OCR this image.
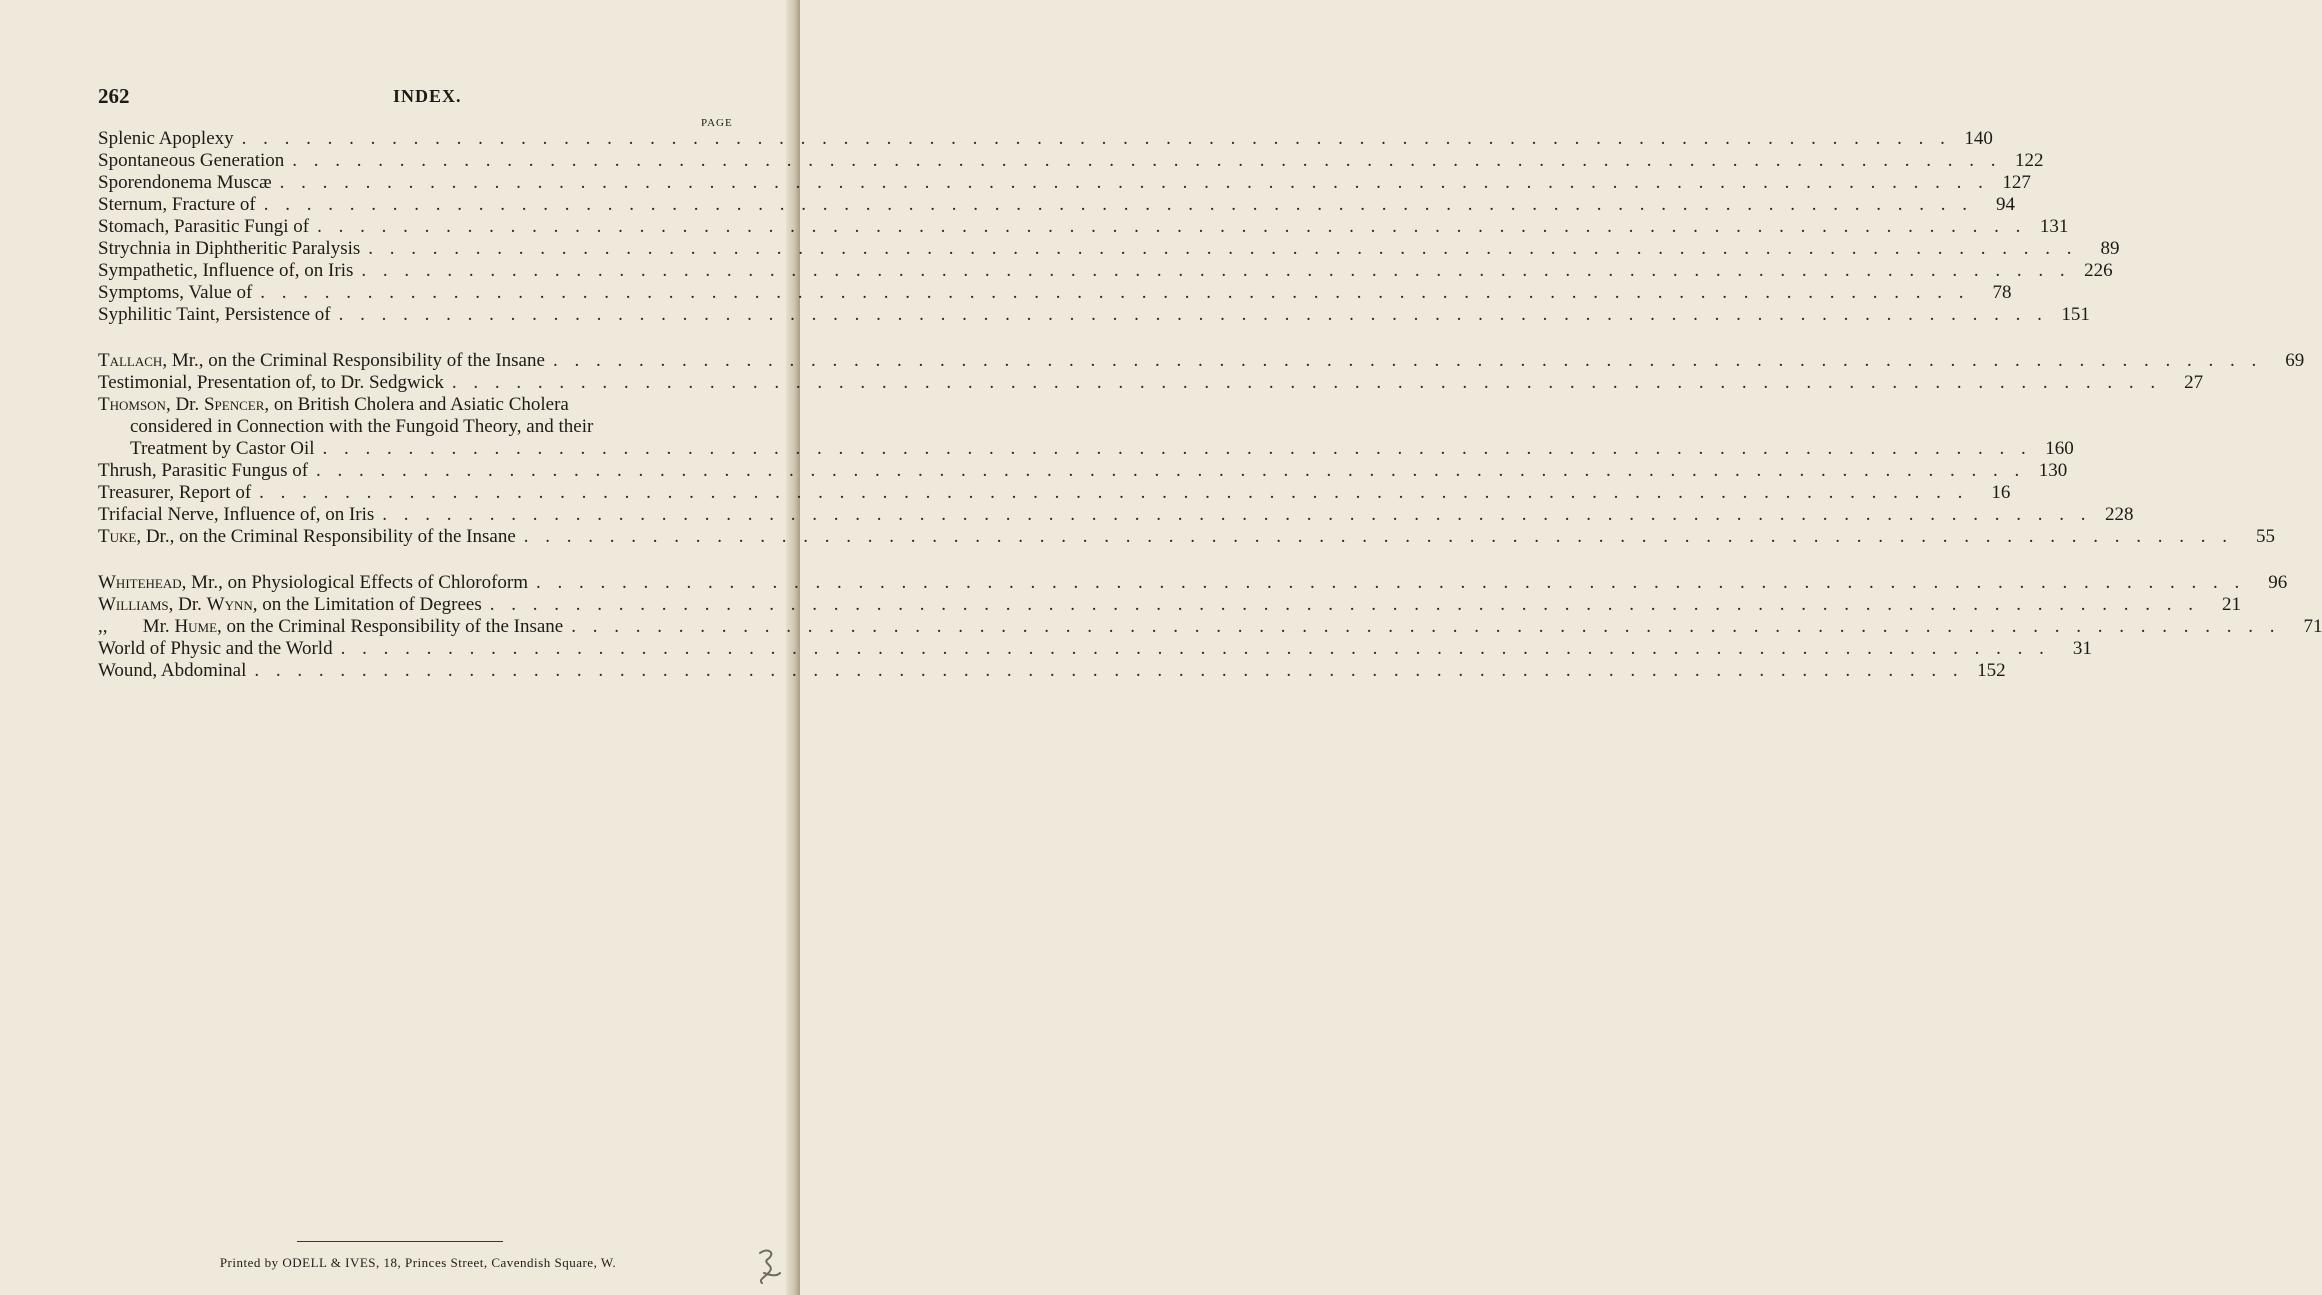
262	INDEX.
PAGE
Splenic Apoplexy . . . . . . . . . . . . . . . . . . . . . . . . . . . . . . . . . . . . . . . . . . . . . . . . . . . . . . . . . . . . . . . . . . . . . . . . . . . . . . . . 140
Spontaneous Generation . . . . . . . . . . . . . . . . . . . . . . . . . . . . . . . . . . . . . . . . . . . . . . . . . . . . . . . . . . . . . . . . . . . . . . . . . . . . . . . . 122
Sporendonema Muscæ . . . . . . . . . . . . . . . . . . . . . . . . . . . . . . . . . . . . . . . . . . . . . . . . . . . . . . . . . . . . . . . . . . . . . . . . . . . . . . . . 127
Sternum, Fracture of . . . . . . . . . . . . . . . . . . . . . . . . . . . . . . . . . . . . . . . . . . . . . . . . . . . . . . . . . . . . . . . . . . . . . . . . . . . . . . . .	94
Stomach, Parasitic Fungi of . . . . . . . . . . . . . . . . . . . . . . . . . . . . . . . . . . . . . . . . . . . . . . . . . . . . . . . . . . . . . . . . . . . . . . . . . . . . . . . . 131
Strychnia in Diphtheritic Paralysis . . . . . . . . . . . . . . . . . . . . . . . . . . . . . . . . . . . . . . . . . . . . . . . . . . . . . . . . . . . . . . . . . . . . . . . . . . . . . . . .	89
Sympathetic, Influence of, on Iris . . . . . . . . . . . . . . . . . . . . . . . . . . . . . . . . . . . . . . . . . . . . . . . . . . . . . . . . . . . . . . . . . . . . . . . . . . . . . . . . 226
Symptoms, Value of . . . . . . . . . . . . . . . . . . . . . . . . . . . . . . . . . . . . . . . . . . . . . . . . . . . . . . . . . . . . . . . . . . . . . . . . . . . . . . . .	78
Syphilitic Taint, Persistence of . . . . . . . . . . . . . . . . . . . . . . . . . . . . . . . . . . . . . . . . . . . . . . . . . . . . . . . . . . . . . . . . . . . . . . . . . . . . . . . . 151
Tallach, Mr., on the Criminal Responsibility of the Insane . . . . . . . . . . . . . . . . . . . . . . . . . . . . . . . . . . . . . . . . . . . . . . . . . . . . . . . . . . . . . . . . . . . . . . . . . . . . . . . .	69
Testimonial, Presentation of, to Dr. Sedgwick . . . . . . . . . . . . . . . . . . . . . . . . . . . . . . . . . . . . . . . . . . . . . . . . . . . . . . . . . . . . . . . . . . . . . . . . . . . . . . . .	27
Thomson, Dr. Spencer, on British Cholera and Asiatic Cholera
considered in Connection with the Fungoid Theory, and their
Treatment by Castor Oil . . . . . . . . . . . . . . . . . . . . . . . . . . . . . . . . . . . . . . . . . . . . . . . . . . . . . . . . . . . . . . . . . . . . . . . . . . . . . . . . 160
Thrush, Parasitic Fungus of . . . . . . . . . . . . . . . . . . . . . . . . . . . . . . . . . . . . . . . . . . . . . . . . . . . . . . . . . . . . . . . . . . . . . . . . . . . . . . . . 130
Treasurer, Report of . . . . . . . . . . . . . . . . . . . . . . . . . . . . . . . . . . . . . . . . . . . . . . . . . . . . . . . . . . . . . . . . . . . . . . . . . . . . . . . .	16
Trifacial Nerve, Influence of, on Iris . . . . . . . . . . . . . . . . . . . . . . . . . . . . . . . . . . . . . . . . . . . . . . . . . . . . . . . . . . . . . . . . . . . . . . . . . . . . . . . . 228
Tuke, Dr., on the Criminal Responsibility of the Insane . . . . . . . . . . . . . . . . . . . . . . . . . . . . . . . . . . . . . . . . . . . . . . . . . . . . . . . . . . . . . . . . . . . . . . . . . . . . . . . .	55
Whitehead, Mr., on Physiological Effects of Chloroform . . . . . . . . . . . . . . . . . . . . . . . . . . . . . . . . . . . . . . . . . . . . . . . . . . . . . . . . . . . . . . . . . . . . . . . . . . . . . . . .	96
Williams, Dr. Wynn, on the Limitation of Degrees . . . . . . . . . . . . . . . . . . . . . . . . . . . . . . . . . . . . . . . . . . . . . . . . . . . . . . . . . . . . . . . . . . . . . . . . . . . . . . . .	21
,, Mr. Hume, on the Criminal Responsibility of the Insane . . . . . . . . . . . . . . . . . . . . . . . . . . . . . . . . . . . . . . . . . . . . . . . . . . . . . . . . . . . . . . . . . . . . . . . . . . . . . . . .	71
World of Physic and the World . . . . . . . . . . . . . . . . . . . . . . . . . . . . . . . . . . . . . . . . . . . . . . . . . . . . . . . . . . . . . . . . . . . . . . . . . . . . . . . .	31
Wound, Abdominal . . . . . . . . . . . . . . . . . . . . . . . . . . . . . . . . . . . . . . . . . . . . . . . . . . . . . . . . . . . . . . . . . . . . . . . . . . . . . . . . 152
Printed by ODELL & IVES, 18, Princes Street, Cavendish Square, W.
